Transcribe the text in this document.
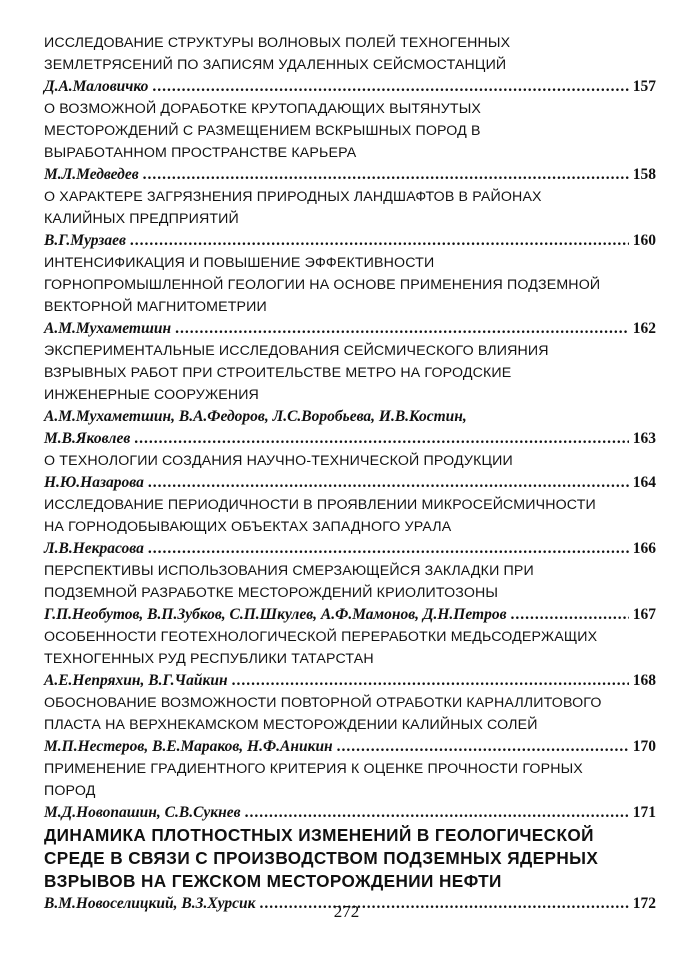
ИССЛЕДОВАНИЕ СТРУКТУРЫ ВОЛНОВЫХ ПОЛЕЙ ТЕХНОГЕННЫХ
ЗЕМЛЕТРЯСЕНИЙ ПО ЗАПИСЯМ УДАЛЕННЫХ СЕЙСМОСТАНЦИЙ
Д.А.Маловичко .....	157
О ВОЗМОЖНОЙ ДОРАБОТКЕ КРУТОПАДАЮЩИХ ВЫТЯНУТЫХ
МЕСТОРОЖДЕНИЙ С РАЗМЕЩЕНИЕМ ВСКРЫШНЫХ ПОРОД В
ВЫРАБОТАННОМ ПРОСТРАНСТВЕ КАРЬЕРА
М.Л.Медведев .....	158
О ХАРАКТЕРЕ ЗАГРЯЗНЕНИЯ ПРИРОДНЫХ ЛАНДШАФТОВ В РАЙОНАХ
КАЛИЙНЫХ ПРЕДПРИЯТИЙ
В.Г.Мурзаев .....	160
ИНТЕНСИФИКАЦИЯ И ПОВЫШЕНИЕ ЭФФЕКТИВНОСТИ
ГОРНОПРОМЫШЛЕННОЙ ГЕОЛОГИИ НА ОСНОВЕ ПРИМЕНЕНИЯ ПОДЗЕМНОЙ
ВЕКТОРНОЙ МАГНИТОМЕТРИИ
А.М.Мухаметшин .....	162
ЭКСПЕРИМЕНТАЛЬНЫЕ ИССЛЕДОВАНИЯ СЕЙСМИЧЕСКОГО ВЛИЯНИЯ
ВЗРЫВНЫХ РАБОТ ПРИ СТРОИТЕЛЬСТВЕ МЕТРО НА ГОРОДСКИЕ
ИНЖЕНЕРНЫЕ СООРУЖЕНИЯ
А.М.Мухаметшин, В.А.Федоров, Л.С.Воробьева, И.В.Костин,
М.В.Яковлев .....	163
О ТЕХНОЛОГИИ СОЗДАНИЯ НАУЧНО-ТЕХНИЧЕСКОЙ ПРОДУКЦИИ
Н.Ю.Назарова .....	164
ИССЛЕДОВАНИЕ ПЕРИОДИЧНОСТИ В ПРОЯВЛЕНИИ МИКРОСЕЙСМИЧНОСТИ
НА ГОРНОДОБЫВАЮЩИХ ОБЪЕКТАХ ЗАПАДНОГО УРАЛА
Л.В.Некрасова .....	166
ПЕРСПЕКТИВЫ ИСПОЛЬЗОВАНИЯ СМЕРЗАЮЩЕЙСЯ ЗАКЛАДКИ ПРИ
ПОДЗЕМНОЙ РАЗРАБОТКЕ МЕСТОРОЖДЕНИЙ КРИОЛИТОЗОНЫ
Г.П.Необутов, В.П.Зубков, С.П.Шкулев, А.Ф.Мамонов, Д.Н.Петров .....	167
ОСОБЕННОСТИ ГЕОТЕХНОЛОГИЧЕСКОЙ ПЕРЕРАБОТКИ МЕДЬСОДЕРЖАЩИХ
ТЕХНОГЕННЫХ РУД РЕСПУБЛИКИ ТАТАРСТАН
А.Е.Непряхин, В.Г.Чайкин .....	168
ОБОСНОВАНИЕ ВОЗМОЖНОСТИ ПОВТОРНОЙ ОТРАБОТКИ КАРНАЛЛИТОВОГО
ПЛАСТА НА ВЕРХНЕКАМСКОМ МЕСТОРОЖДЕНИИ КАЛИЙНЫХ СОЛЕЙ
М.П.Нестеров, В.Е.Мараков, Н.Ф.Аникин .....	170
ПРИМЕНЕНИЕ ГРАДИЕНТНОГО КРИТЕРИЯ К ОЦЕНКЕ ПРОЧНОСТИ ГОРНЫХ
ПОРОД
М.Д.Новопашин, С.В.Сукнев .....	171
ДИНАМИКА ПЛОТНОСТНЫХ ИЗМЕНЕНИЙ В ГЕОЛОГИЧЕСКОЙ
СРЕДЕ В СВЯЗИ С ПРОИЗВОДСТВОМ ПОДЗЕМНЫХ ЯДЕРНЫХ
ВЗРЫВОВ НА ГЕЖСКОМ МЕСТОРОЖДЕНИИ НЕФТИ
В.М.Новоселицкий, В.З.Хурсик .....	172
272
